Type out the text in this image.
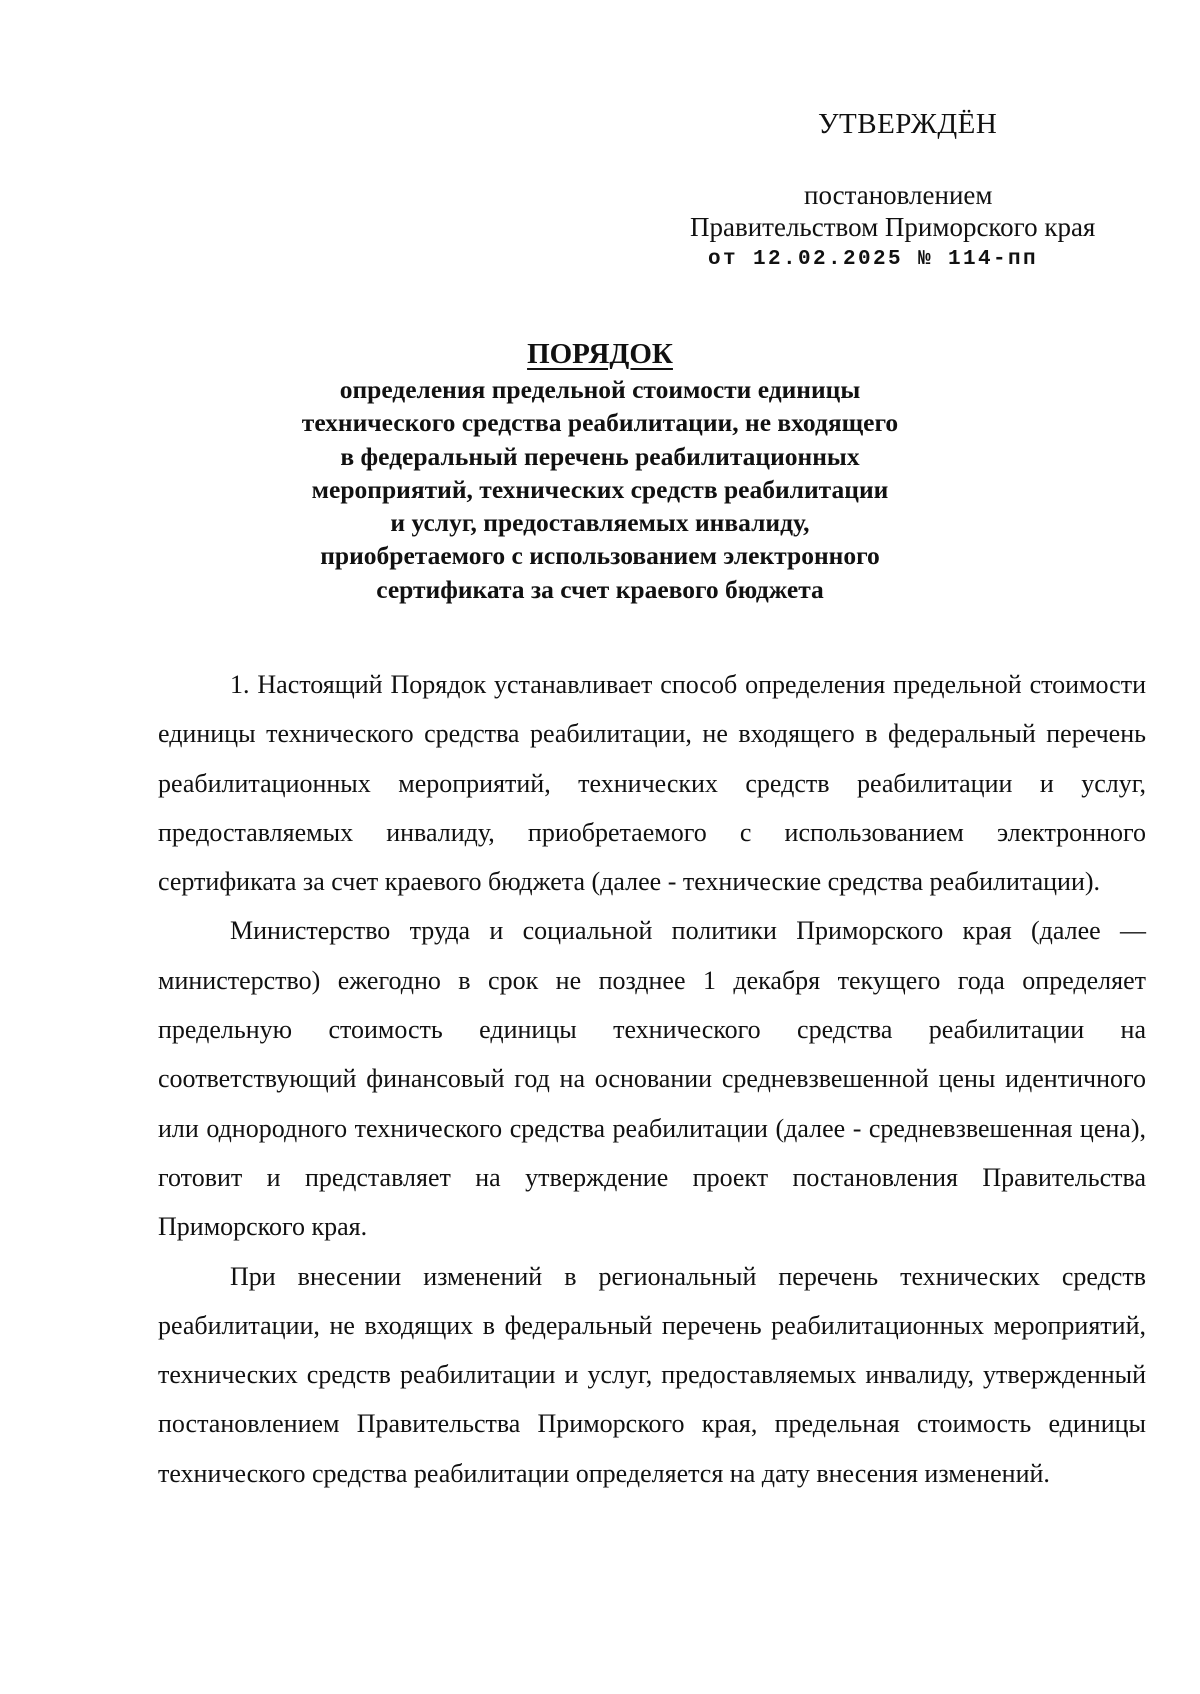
УТВЕРЖДЁН
постановлением
Правительством Приморского края
от 12.02.2025 № 114-пп
ПОРЯДОК
определения предельной стоимости единицы
технического средства реабилитации, не входящего
в федеральный перечень реабилитационных
мероприятий, технических средств реабилитации
и услуг, предоставляемых инвалиду,
приобретаемого с использованием электронного
сертификата за счет краевого бюджета

1. Настоящий Порядок устанавливает способ определения предельной стоимости единицы технического средства реабилитации, не входящего в федеральный перечень реабилитационных мероприятий, технических средств реабилитации и услуг, предоставляемых инвалиду, приобретаемого с использованием электронного сертификата за счет краевого бюджета (далее - технические средства реабилитации).

Министерство труда и социальной политики Приморского края (далее — министерство) ежегодно в срок не позднее 1 декабря текущего года определяет предельную стоимость единицы технического средства реабилитации на соответствующий финансовый год на основании средневзвешенной цены идентичного или однородного технического средства реабилитации (далее - средневзвешенная цена), готовит и представляет на утверждение проект постановления Правительства Приморского края.

При внесении изменений в региональный перечень технических средств реабилитации, не входящих в федеральный перечень реабилитационных мероприятий, технических средств реабилитации и услуг, предоставляемых инвалиду, утвержденный постановлением Правительства Приморского края, предельная стоимость единицы технического средства реабилитации определяется на дату внесения изменений.
